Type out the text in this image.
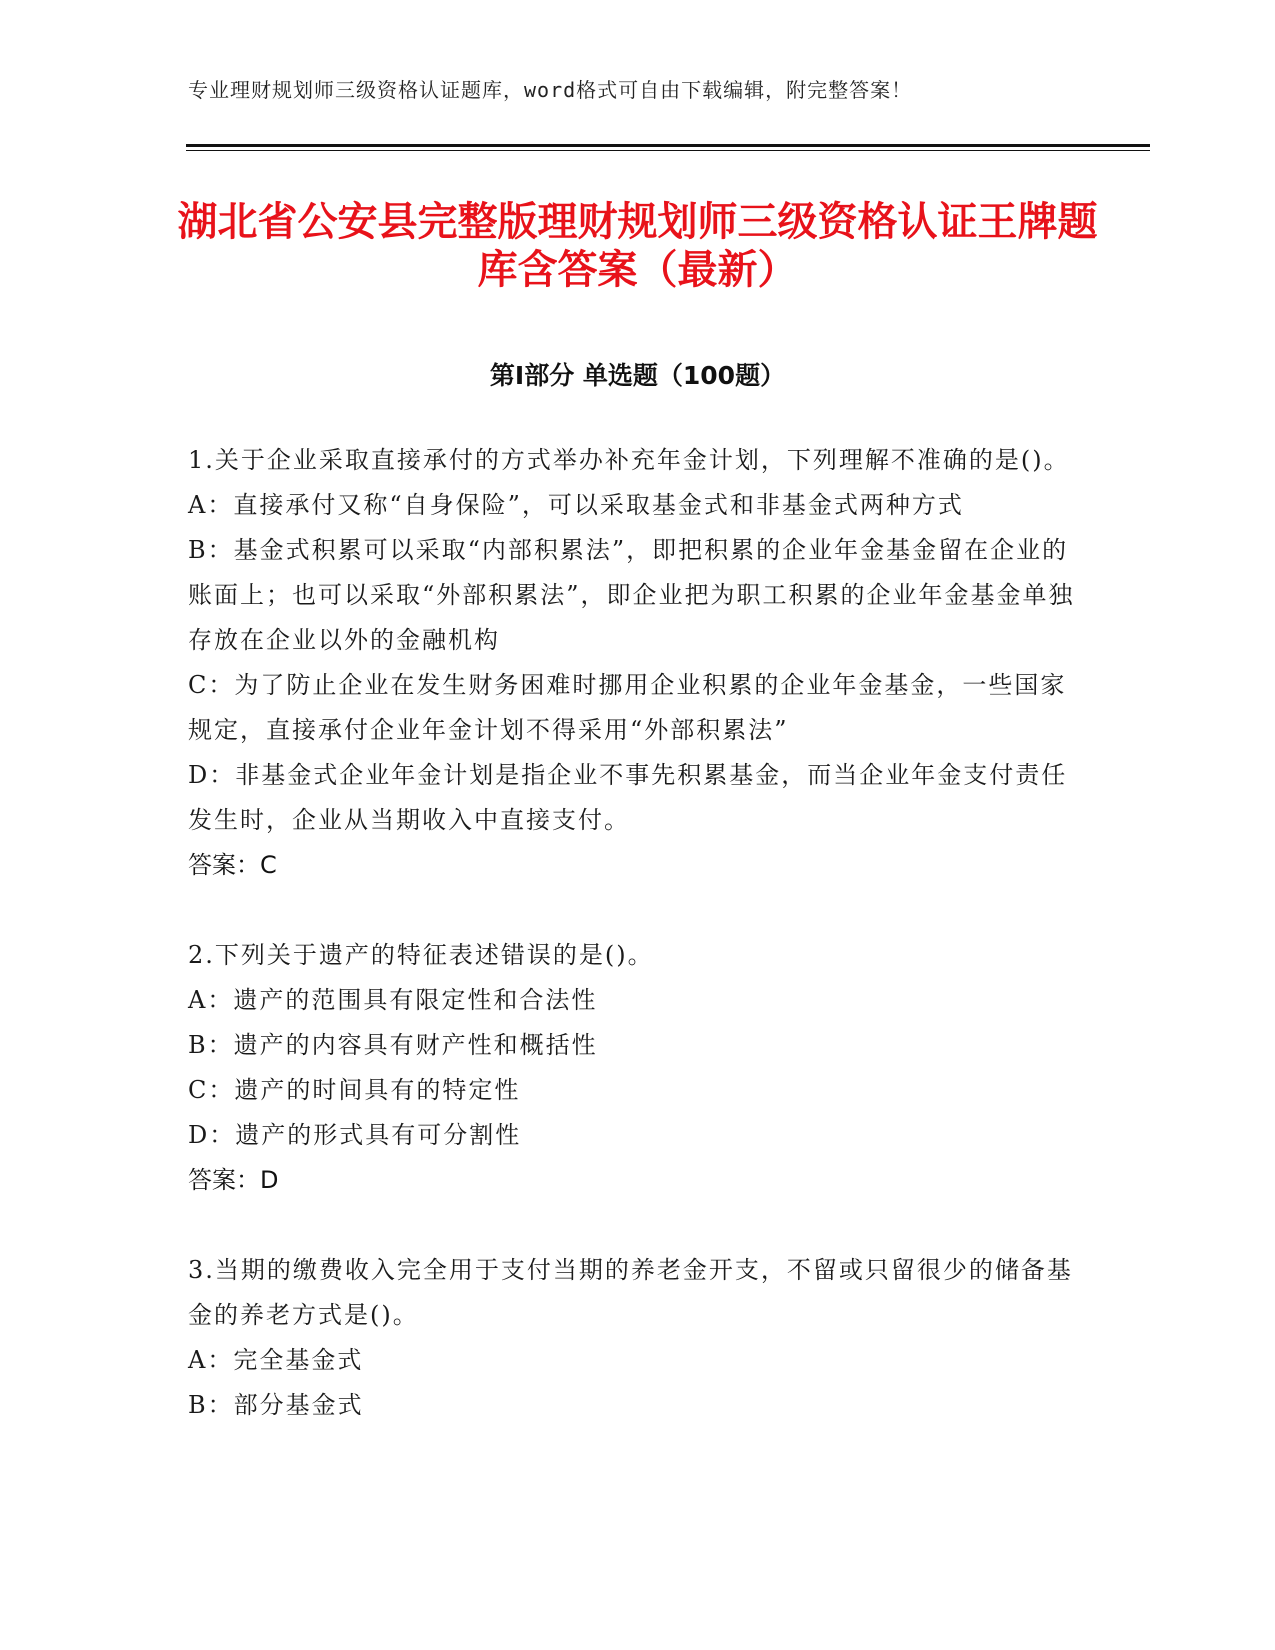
专业理财规划师三级资格认证题库，word格式可自由下载编辑，附完整答案！
湖北省公安县完整版理财规划师三级资格认证王牌题库含答案（最新）
第Ⅰ部分 单选题（100题）
1.关于企业采取直接承付的方式举办补充年金计划，下列理解不准确的是()。
A：直接承付又称“自身保险”，可以采取基金式和非基金式两种方式
B：基金式积累可以采取“内部积累法”，即把积累的企业年金基金留在企业的账面上；也可以采取“外部积累法”，即企业把为职工积累的企业年金基金单独存放在企业以外的金融机构
C：为了防止企业在发生财务困难时挪用企业积累的企业年金基金，一些国家规定，直接承付企业年金计划不得采用“外部积累法”
D：非基金式企业年金计划是指企业不事先积累基金，而当企业年金支付责任发生时，企业从当期收入中直接支付。
答案：C
2.下列关于遗产的特征表述错误的是()。
A：遗产的范围具有限定性和合法性
B：遗产的内容具有财产性和概括性
C：遗产的时间具有的特定性
D：遗产的形式具有可分割性
答案：D
3.当期的缴费收入完全用于支付当期的养老金开支，不留或只留很少的储备基金的养老方式是()。
A：完全基金式
B：部分基金式
